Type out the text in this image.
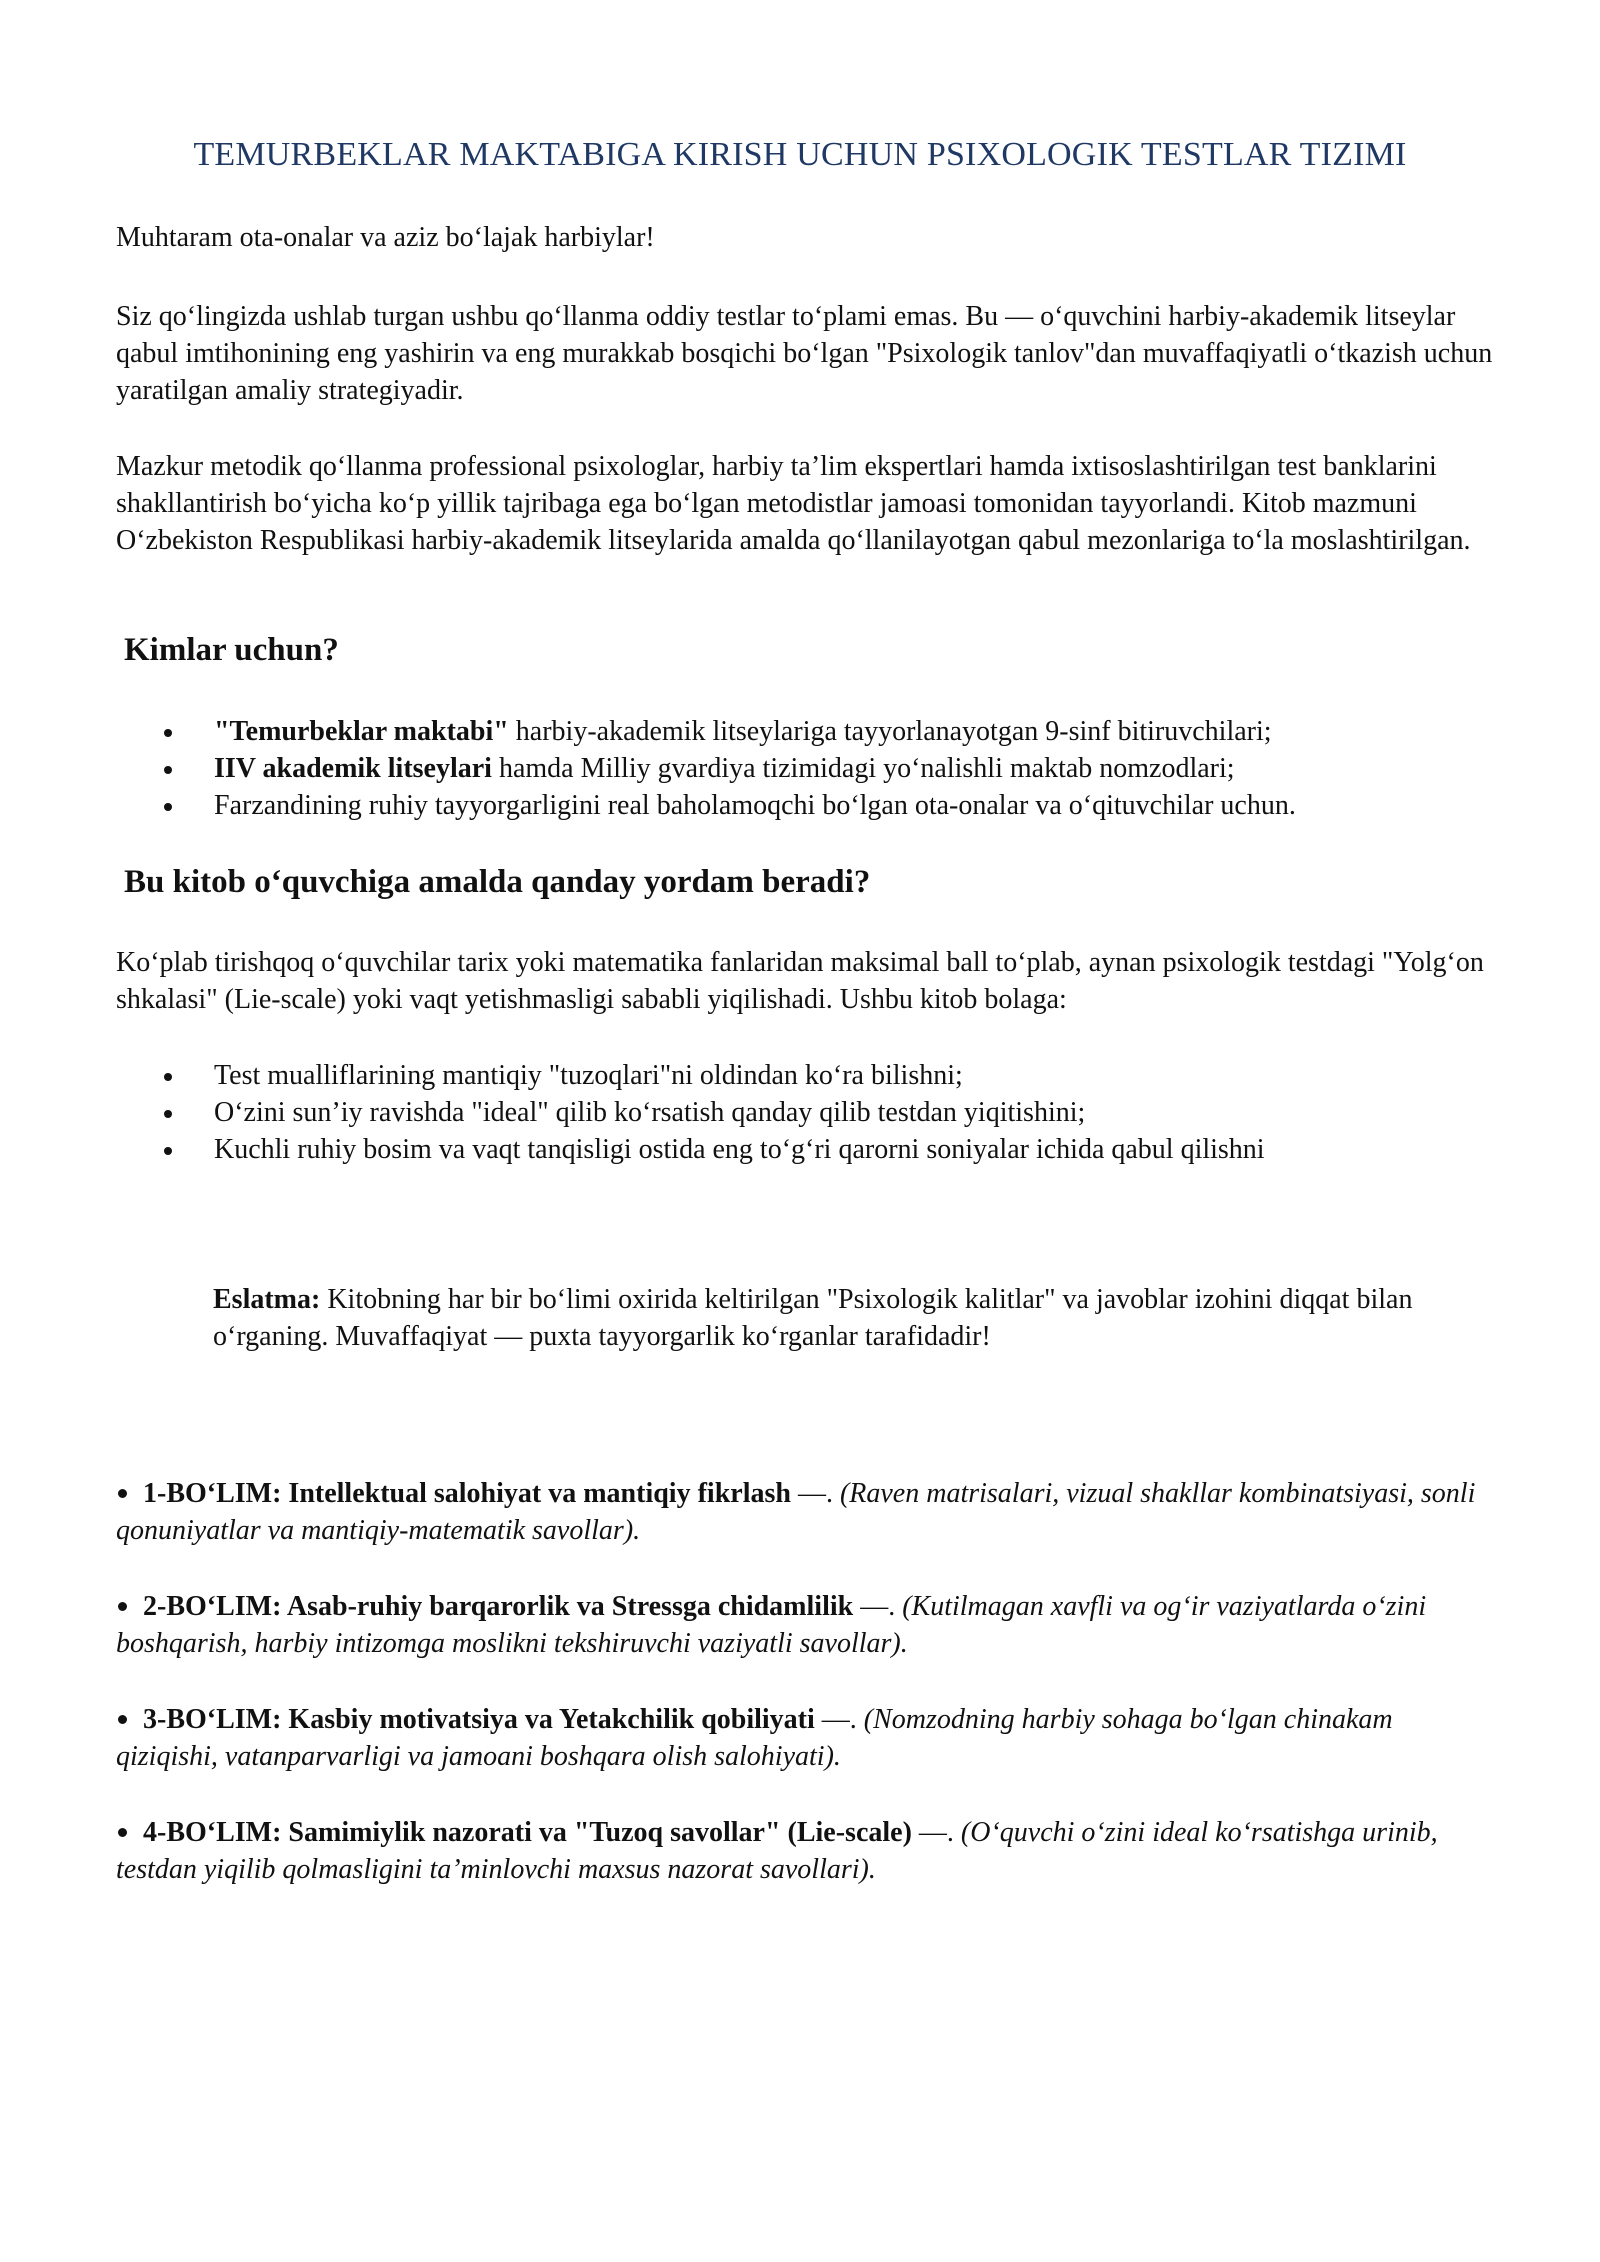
TEMURBEKLAR MAKTABIGA KIRISH UCHUN PSIXOLOGIK TESTLAR TIZIMI
Muhtaram ota-onalar va aziz bo‘lajak harbiylar!
Siz qo‘lingizda ushlab turgan ushbu qo‘llanma oddiy testlar to‘plami emas. Bu — o‘quvchini harbiy-akademik litseylar qabul imtihonining eng yashirin va eng murakkab bosqichi bo‘lgan "Psixologik tanlov"dan muvaffaqiyatli o‘tkazish uchun yaratilgan amaliy strategiyadir.
Mazkur metodik qo‘llanma professional psixologlar, harbiy ta’lim ekspertlari hamda ixtisoslashtirilgan test banklarini shakllantirish bo‘yicha ko‘p yillik tajribaga ega bo‘lgan metodistlar jamoasi tomonidan tayyorlandi. Kitob mazmuni O‘zbekiston Respublikasi harbiy-akademik litseylarida amalda qo‘llanilayotgan qabul mezonlariga to‘la moslashtirilgan.
Kimlar uchun?
"Temurbeklar maktabi" harbiy-akademik litseylariga tayyorlanayotgan 9-sinf bitiruvchilari;
IIV akademik litseylari hamda Milliy gvardiya tizimidagi yo‘nalishli maktab nomzodlari;
Farzandining ruhiy tayyorgarligini real baholamoqchi bo‘lgan ota-onalar va o‘qituvchilar uchun.
Bu kitob o‘quvchiga amalda qanday yordam beradi?
Ko‘plab tirishqoq o‘quvchilar tarix yoki matematika fanlaridan maksimal ball to‘plab, aynan psixologik testdagi "Yolg‘on shkalasi" (Lie-scale) yoki vaqt yetishmasligi sababli yiqilishadi. Ushbu kitob bolaga:
Test mualliflarining mantiqiy "tuzoqlari"ni oldindan ko‘ra bilishni;
O‘zini sun’iy ravishda "ideal" qilib ko‘rsatish qanday qilib testdan yiqitishini;
Kuchli ruhiy bosim va vaqt tanqisligi ostida eng to‘g‘ri qarorni soniyalar ichida qabul qilishni
Eslatma: Kitobning har bir bo‘limi oxirida keltirilgan "Psixologik kalitlar" va javoblar izohini diqqat bilan o‘rganing. Muvaffaqiyat — puxta tayyorgarlik ko‘rganlar tarafidadir!
1-BO‘LIM: Intellektual salohiyat va mantiqiy fikrlash —. (Raven matrisalari, vizual shakllar kombinatsiyasi, sonli qonuniyatlar va mantiqiy-matematik savollar).
2-BO‘LIM: Asab-ruhiy barqarorlik va Stressga chidamlilik —. (Kutilmagan xavfli va og‘ir vaziyatlarda o‘zini boshqarish, harbiy intizomga moslikni tekshiruvchi vaziyatli savollar).
3-BO‘LIM: Kasbiy motivatsiya va Yetakchilik qobiliyati —. (Nomzodning harbiy sohaga bo‘lgan chinakam qiziqishi, vatanparvarligi va jamoani boshqara olish salohiyati).
4-BO‘LIM: Samimiylik nazorati va "Tuzoq savollar" (Lie-scale) —. (O‘quvchi o‘zini ideal ko‘rsatishga urinib, testdan yiqilib qolmasligini ta’minlovchi maxsus nazorat savollari).
